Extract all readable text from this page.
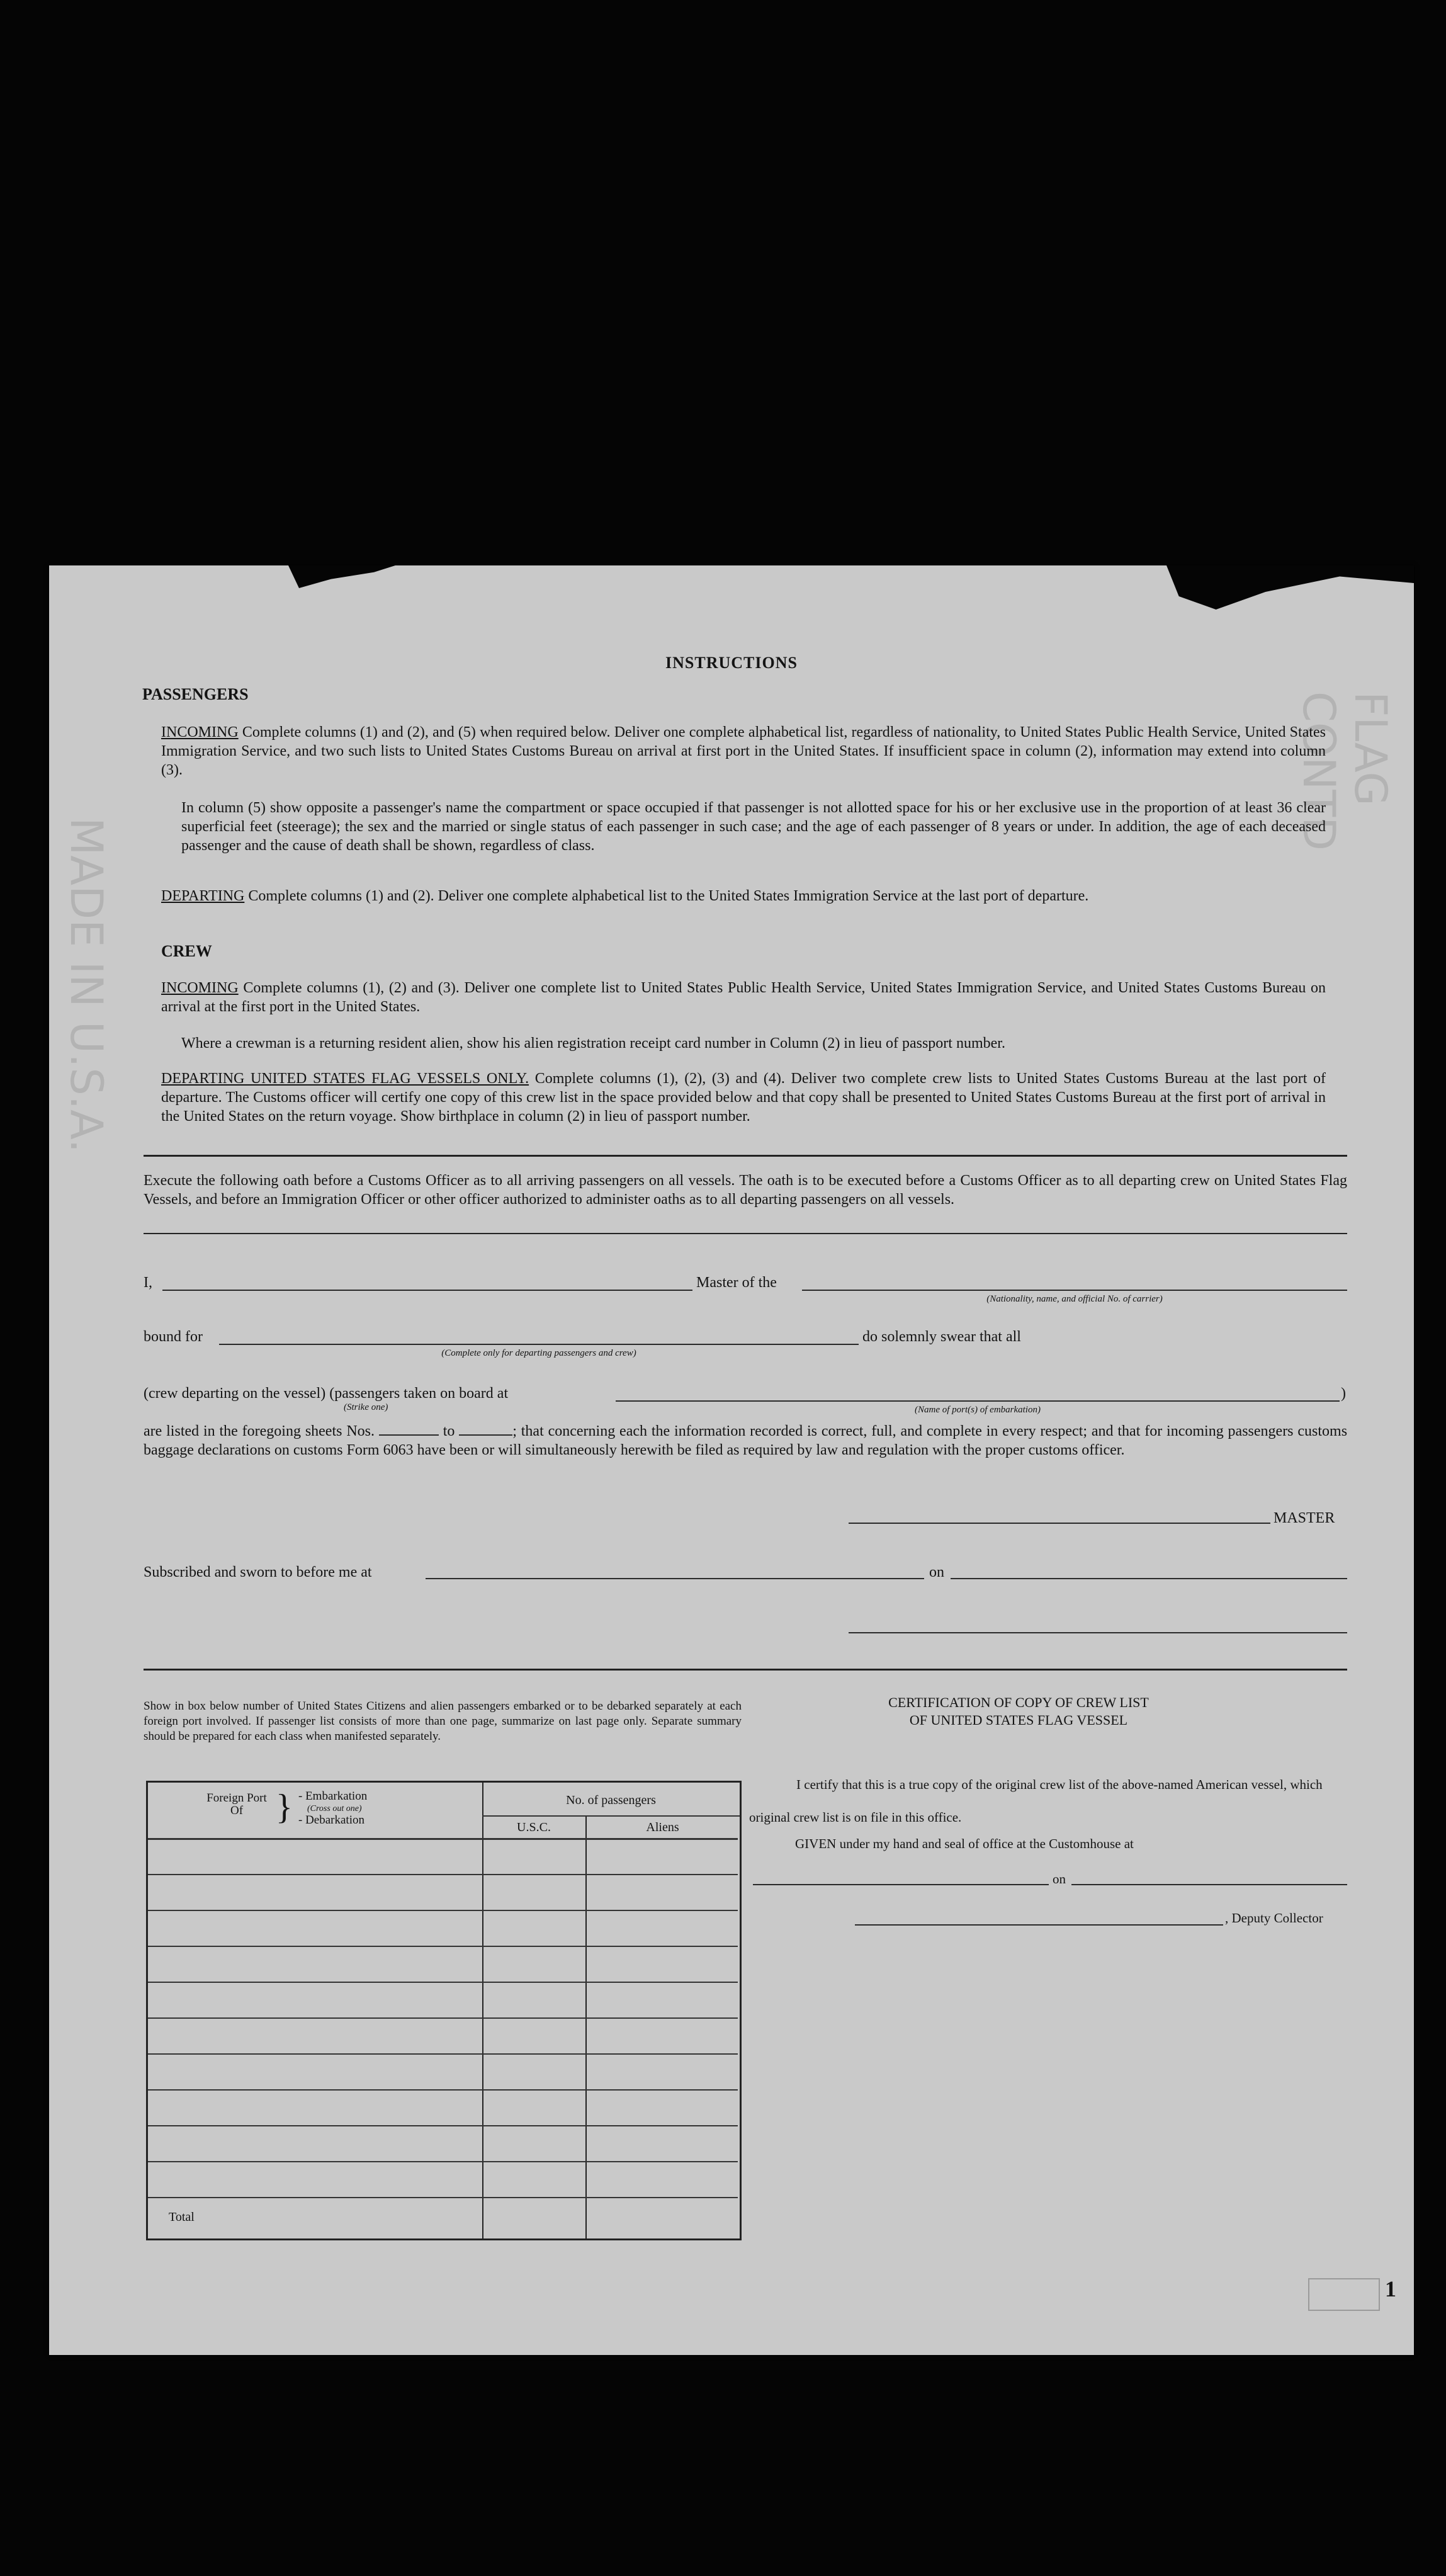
MADE IN U.S.A.
FLAG CONTD
INSTRUCTIONS
PASSENGERS
INCOMING Complete columns (1) and (2), and (5) when required below. Deliver one complete alphabetical list, regardless of nationality, to United States Public Health Service, United States Immigration Service, and two such lists to United States Customs Bureau on arrival at first port in the United States. If insufficient space in column (2), information may extend into column (3).
In column (5) show opposite a passenger's name the compartment or space occupied if that passenger is not allotted space for his or her exclusive use in the proportion of at least 36 clear superficial feet (steerage); the sex and the married or single status of each passenger in such case; and the age of each passenger of 8 years or under. In addition, the age of each deceased passenger and the cause of death shall be shown, regardless of class.
DEPARTING Complete columns (1) and (2). Deliver one complete alphabetical list to the United States Immigration Service at the last port of departure.
CREW
INCOMING Complete columns (1), (2) and (3). Deliver one complete list to United States Public Health Service, United States Immigration Service, and United States Customs Bureau on arrival at the first port in the United States.
Where a crewman is a returning resident alien, show his alien registration receipt card number in Column (2) in lieu of passport number.
DEPARTING UNITED STATES FLAG VESSELS ONLY. Complete columns (1), (2), (3) and (4). Deliver two complete crew lists to United States Customs Bureau at the last port of departure. The Customs officer will certify one copy of this crew list in the space provided below and that copy shall be presented to United States Customs Bureau at the first port of arrival in the United States on the return voyage. Show birthplace in column (2) in lieu of passport number.
Execute the following oath before a Customs Officer as to all arriving passengers on all vessels. The oath is to be executed before a Customs Officer as to all departing crew on United States Flag Vessels, and before an Immigration Officer or other officer authorized to administer oaths as to all departing passengers on all vessels.
I,	Master of the
(Nationality, name, and official No. of carrier)
bound for
(Complete only for departing passengers and crew)
do solemnly swear that all
(crew departing on the vessel) (passengers taken on board at
(Strike one)	(Name of port(s) of embarkation)
)
are listed in the foregoing sheets Nos.	to	; that concerning each the information recorded is correct, full, and complete in every respect; and that for incoming passengers customs baggage declarations on customs Form 6063 have been or will simultaneously herewith be filed as required by law and regulation with the proper customs officer.
MASTER
Subscribed and sworn to before me at	on
Show in box below number of United States Citizens and alien passengers embarked or to be debarked separately at each foreign port involved. If passenger list consists of more than one page, summarize on last page only. Separate summary should be prepared for each class when manifested separately.
Foreign Port Of } - Embarkation
(Cross out one)
- Debarkation
No. of passengers
U.S.C.	Aliens
Total
CERTIFICATION OF COPY OF CREW LIST
OF UNITED STATES FLAG VESSEL
I certify that this is a true copy of the original crew list of the above-named American vessel, which original crew list is on file in this office.
GIVEN under my hand and seal of office at the Customhouse at
on
, Deputy Collector
1
